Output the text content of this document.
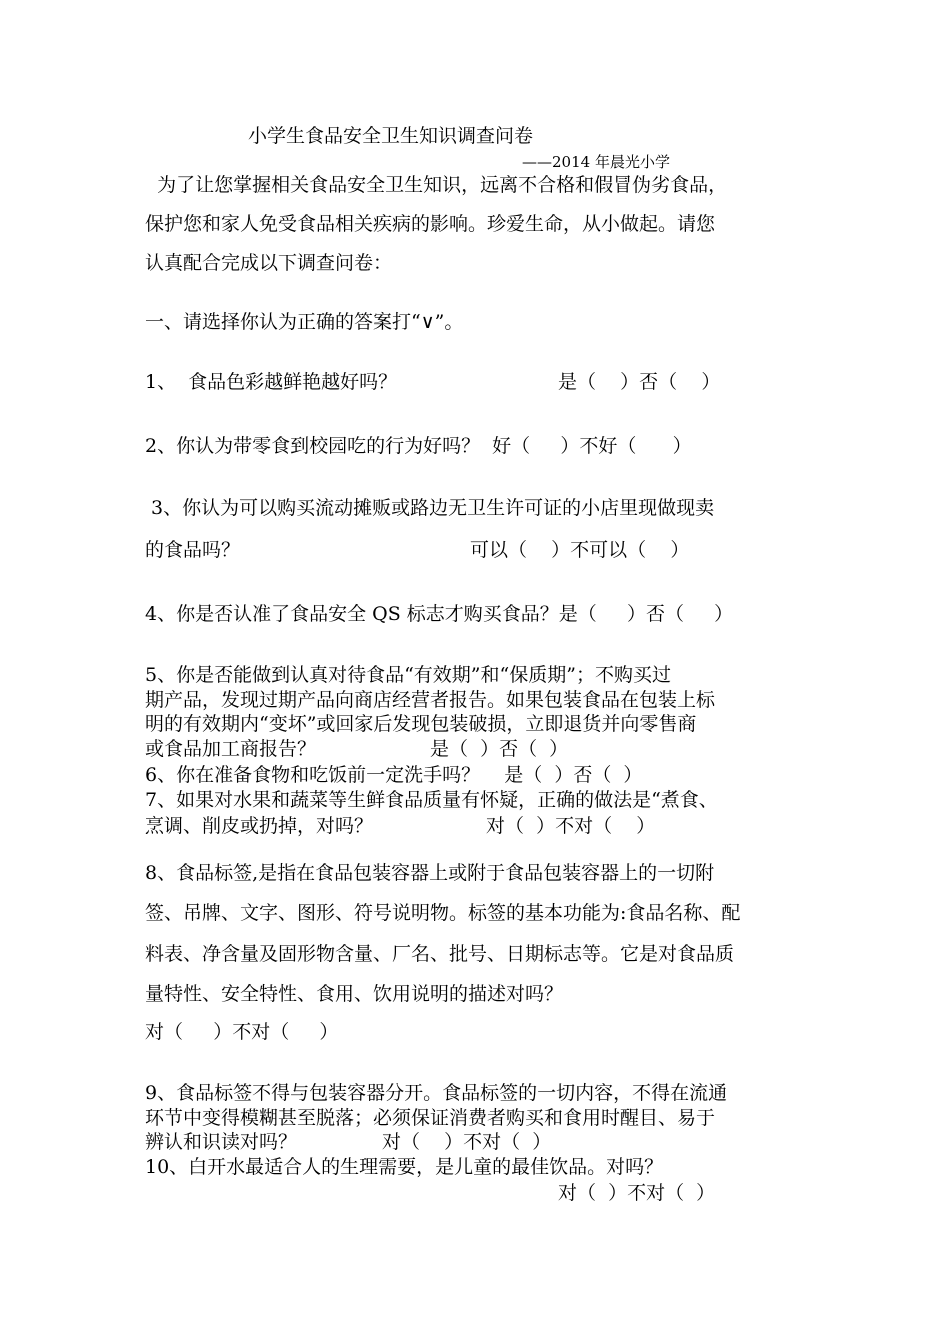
小学生食品安全卫生知识调查问卷
——2014 年晨光小学
为了让您掌握相关食品安全卫生知识，远离不合格和假冒伪劣食品，
保护您和家人免受食品相关疾病的影响。珍爱生命，从小做起。请您
认真配合完成以下调查问卷：
一、请选择你认为正确的答案打“∨”。
1、  食品色彩越鲜艳越好吗？	是（    ）否（    ）
2、你认为带零食到校园吃的行为好吗？  好（     ）不好（      ）
3、你认为可以购买流动摊贩或路边无卫生许可证的小店里现做现卖
的食品吗？	可以（    ）不可以（    ）
4、你是否认准了食品安全 QS 标志才购买食品？是（     ）否（     ）
5、你是否能做到认真对待食品“有效期”和“保质期”；不购买过
期产品，发现过期产品向商店经营者报告。如果包装食品在包装上标
明的有效期内“变坏”或回家后发现包装破损，立即退货并向零售商
或食品加工商报告？	是（  ）否（  ）
6、你在准备食物和吃饭前一定洗手吗？    是（  ）否（  ）
7、如果对水果和蔬菜等生鲜食品质量有怀疑，正确的做法是“煮食、
烹调、削皮或扔掉，对吗？	对（  ）不对（    ）
8、食品标签,是指在食品包装容器上或附于食品包装容器上的一切附
签、吊牌、文字、图形、符号说明物。标签的基本功能为:食品名称、配
料表、净含量及固形物含量、厂名、批号、日期标志等。它是对食品质
量特性、安全特性、食用、饮用说明的描述对吗？
对（     ）不对（     ）
9、食品标签不得与包装容器分开。食品标签的一切内容，不得在流通
环节中变得模糊甚至脱落；必须保证消费者购买和食用时醒目、易于
辨认和识读对吗？	对（    ）不对（  ）
10、白开水最适合人的生理需要，是儿童的最佳饮品。对吗？
对（  ）不对（  ）
